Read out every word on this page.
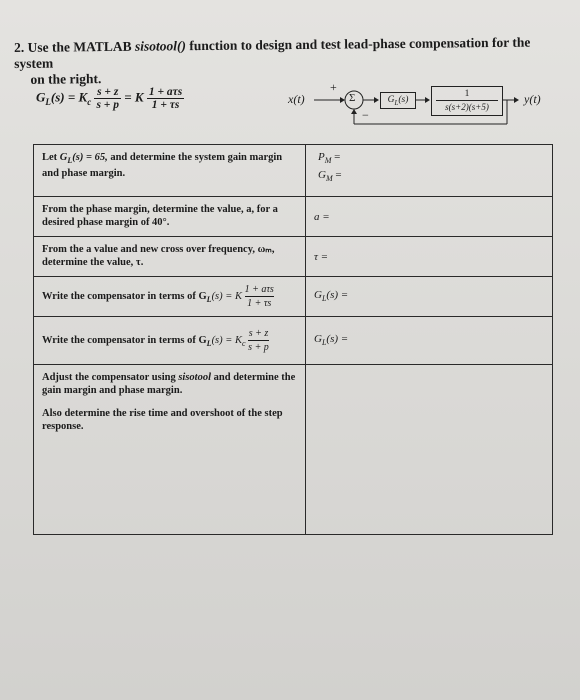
2. Use the MATLAB sisotool() function to design and test lead-phase compensation for the system
on the right.
$G_L(s) = K_c \frac{s + z}{s + p} = K \frac{\text{1 + aτs}}{1 + \tau s}$	x(t)
+
−
Σ	$G_L(s)$
1
s(s+2)(s+5)
y(t)
Let $G_L(s) = 65$, and determine the system gain margin and phase margin.	$P_M$ =
$G_M$ =

From the phase margin, determine the value, a, for a desired phase margin of 40°.	a =
From the a value and new cross over frequency, ωₘ, determine the value, τ.	τ =
Write the compensator in terms of $G_L(s) = K$
1 + aτs
1 + τs	$G_L(s)$ =
Write the compensator in terms of $G_L(s) = K_c \frac{s + z}{s + p}$	$G_L(s)$ =

Adjust the compensator using sisotool and determine the gain margin and phase margin.
Also determine the rise time and overshoot of the step response.	
